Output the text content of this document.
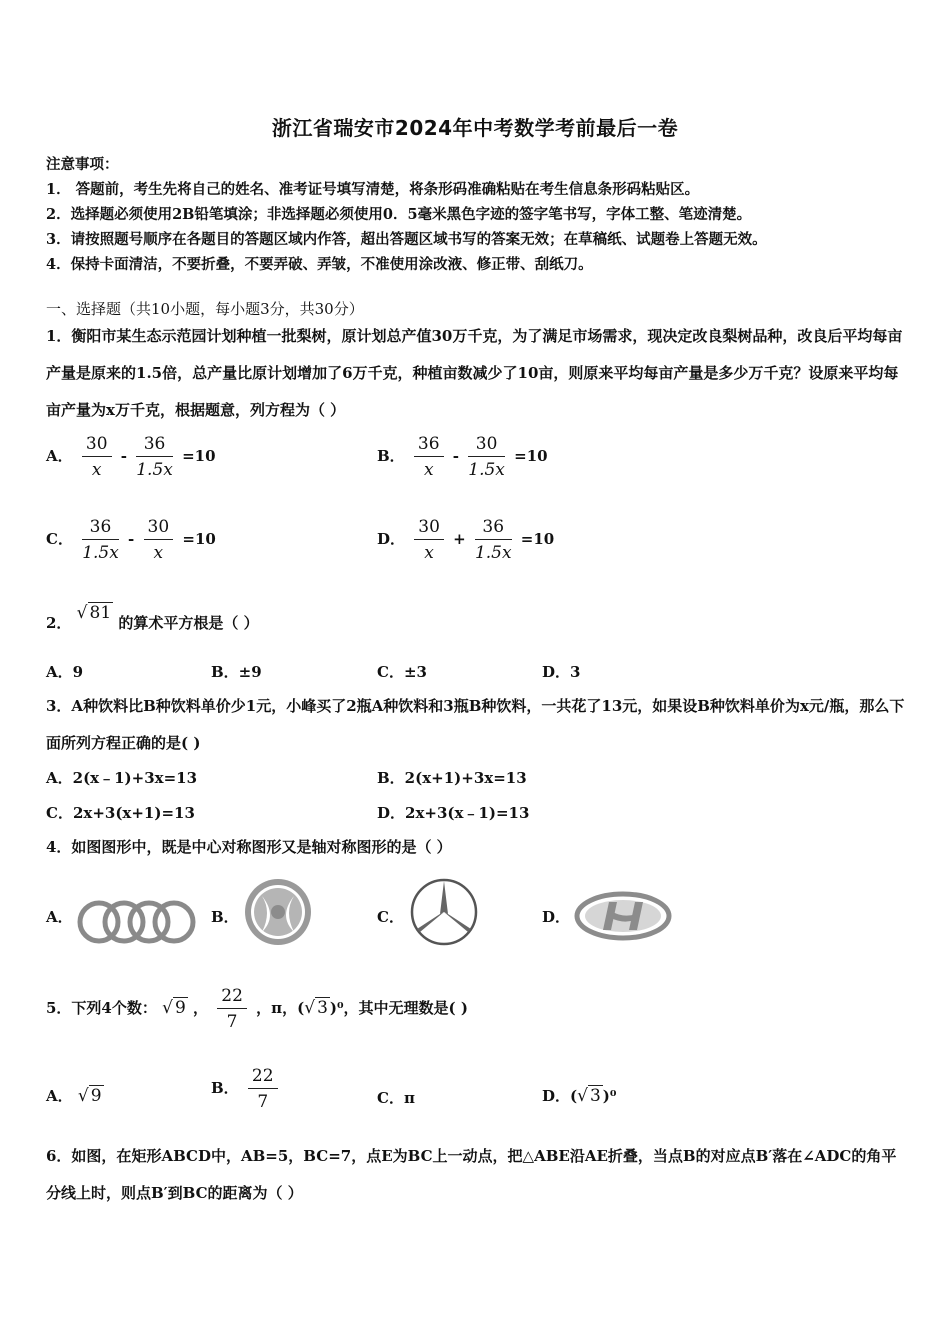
浙江省瑞安市2024年中考数学考前最后一卷
注意事项：
1． 答题前，考生先将自己的姓名、准考证号填写清楚，将条形码准确粘贴在考生信息条形码粘贴区。
2．选择题必须使用2B铅笔填涂；非选择题必须使用0．5毫米黑色字迹的签字笔书写，字体工整、笔迹清楚。
3．请按照题号顺序在各题目的答题区域内作答，超出答题区域书写的答案无效；在草稿纸、试题卷上答题无效。
4．保持卡面清洁，不要折叠，不要弄破、弄皱，不准使用涂改液、修正带、刮纸刀。
一、选择题（共10小题，每小题3分，共30分）
1．衡阳市某生态示范园计划种植一批梨树，原计划总产值30万千克，为了满足市场需求，现决定改良梨树品种，改良后平均每亩产量是原来的1.5倍，总产量比原计划增加了6万千克，种植亩数减少了10亩，则原来平均每亩产量是多少万千克？设原来平均每亩产量为x万千克，根据题意，列方程为（ ）
A． $\frac{30}{x} - \frac{36}{1.5x} =10$	B． $\frac{36}{x} - \frac{30}{1.5x} =10$
C． $\frac{36}{1.5x} - \frac{30}{x} =10$	D． $\frac{30}{x} + \frac{36}{1.5x} =10$
2． √ 81 的算术平方根是（ ）
A．9	B．±9	C．±3	D．3
3．A种饮料比B种饮料单价少1元，小峰买了2瓶A种饮料和3瓶B种饮料，一共花了13元，如果设B种饮料单价为x元/瓶，那么下面所列方程正确的是( )
A．2(x﹣1)+3x=13	B．2(x+1)+3x=13
C．2x+3(x+1)=13	D．2x+3(x﹣1)=13
4．如图图形中，既是中心对称图形又是轴对称图形的是（ ）
A．	B．	C．	D．
5．下列4个数： √ 9 ， $\frac{22}{7}$ ，π，(√ 3 )⁰，其中无理数是( )
A． √ 9	B． $\frac{22}{7}$	C．π	D．(√ 3 )⁰
6．如图，在矩形ABCD中，AB=5，BC=7，点E为BC上一动点，把△ABE沿AE折叠，当点B的对应点B′落在∠ADC的角平分线上时，则点B′到BC的距离为（ ）
